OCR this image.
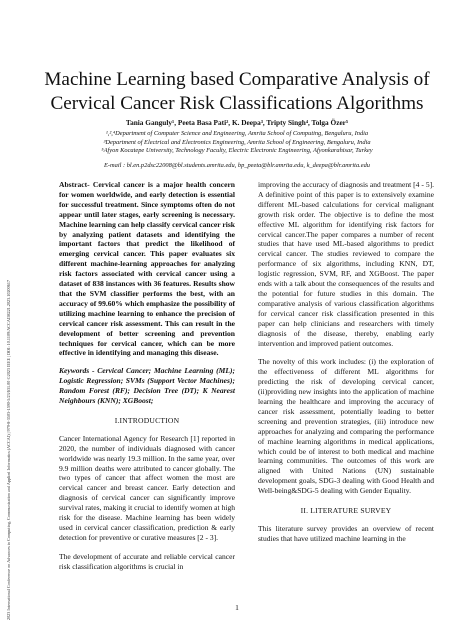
2023 International Conference on Advances in Computing, Communication and Applied Informatics (ACCAI) | 979-8-3503-1590-5/23/$31.00 ©2023 IEEE | DOI: 10.1109/ACCAI58221.2023.10200617
Machine Learning based Comparative Analysis of Cervical Cancer Risk Classifications Algorithms
Tania Ganguly¹, Peeta Basa Pati², K. Deepa³, Tripty Singh⁴, Tolga Özer⁵
¹,²,⁴Department of Computer Science and Engineering, Amrita School of Computing, Bengaluru, India
³Department of Electrical and Electronics Engineering, Amrita School of Engineering, Bengaluru, India
⁵Afyon Kocatepe University, Technology Faculty, Electric Electronic Engineering, Afyonkarahisar, Turkey
E-mail : bl.en.p2dsc22008@bl.students.amrita.edu, bp_peeta@blr.amrita.edu, k_deepa@blr.amrita.edu

Abstract- Cervical cancer is a major health concern for women worldwide, and early detection is essential for successful treatment. Since symptoms often do not appear until later stages, early screening is necessary. Machine learning can help classify cervical cancer risk by analyzing patient datasets and identifying the important factors that predict the likelihood of emerging cervical cancer. This paper evaluates six different machine-learning approaches for analyzing risk factors associated with cervical cancer using a dataset of 838 instances with 36 features. Results show that the SVM classifier performs the best, with an accuracy of 99.60% which emphasize the possibility of utilizing machine learning to enhance the precision of cervical cancer risk assessment. This can result in the development of better screening and prevention techniques for cervical cancer, which can be more effective in identifying and managing this disease.

Keywords - Cervical Cancer; Machine Learning (ML); Logistic Regression; SVMs (Support Vector Machines); Random Forest (RF); Decision Tree (DT); K Nearest Neighbours (KNN); XGBoost;

I.INTRODUCTION

Cancer International Agency for Research [1] reported in 2020, the number of individuals diagnosed with cancer worldwide was nearly 19.3 million. In the same year, over 9.9 million deaths were attributed to cancer globally. The two types of cancer that affect women the most are cervical cancer and breast cancer. Early detection and diagnosis of cervical cancer can significantly improve survival rates, making it crucial to identify women at high risk for the disease. Machine learning has been widely used in cervical cancer classification, prediction & early detection for preventive or curative measures [2 - 3].

The development of accurate and reliable cervical cancer risk classification algorithms is crucial in

improving the accuracy of diagnosis and treatment [4 - 5]. A definitive point of this paper is to extensively examine different ML-based calculations for cervical malignant growth risk order. The objective is to define the most effective ML algorithm for identifying risk factors for cervical cancer.The paper compares a number of recent studies that have used ML-based algorithms to predict cervical cancer. The studies reviewed to compare the performance of six algorithms, including KNN, DT, logistic regression, SVM, RF, and XGBoost. The paper ends with a talk about the consequences of the results and the potential for future studies in this domain. The comparative analysis of various classification algorithms for cervical cancer risk classification presented in this paper can help clinicians and researchers with timely diagnosis of the disease, thereby, enabling early intervention and improved patient outcomes.

The novelty of this work includes: (i) the exploration of the effectiveness of different ML algorithms for predicting the risk of developing cervical cancer, (ii)providing new insights into the application of machine learning the healthcare and improving the accuracy of cancer risk assessment, potentially leading to better screening and prevention strategies, (iii) introduce new approaches for analyzing and comparing the performance of machine learning algorithms in medical applications, which could be of interest to both medical and machine learning communities. The outcomes of this work are aligned with United Nations (UN) sustainable development goals, SDG-3 dealing with Good Health and Well-being&SDG-5 dealing with Gender Equality.

II. LITERATURE SURVEY

This literature survey provides an overview of recent studies that have utilized machine learning in the

1
